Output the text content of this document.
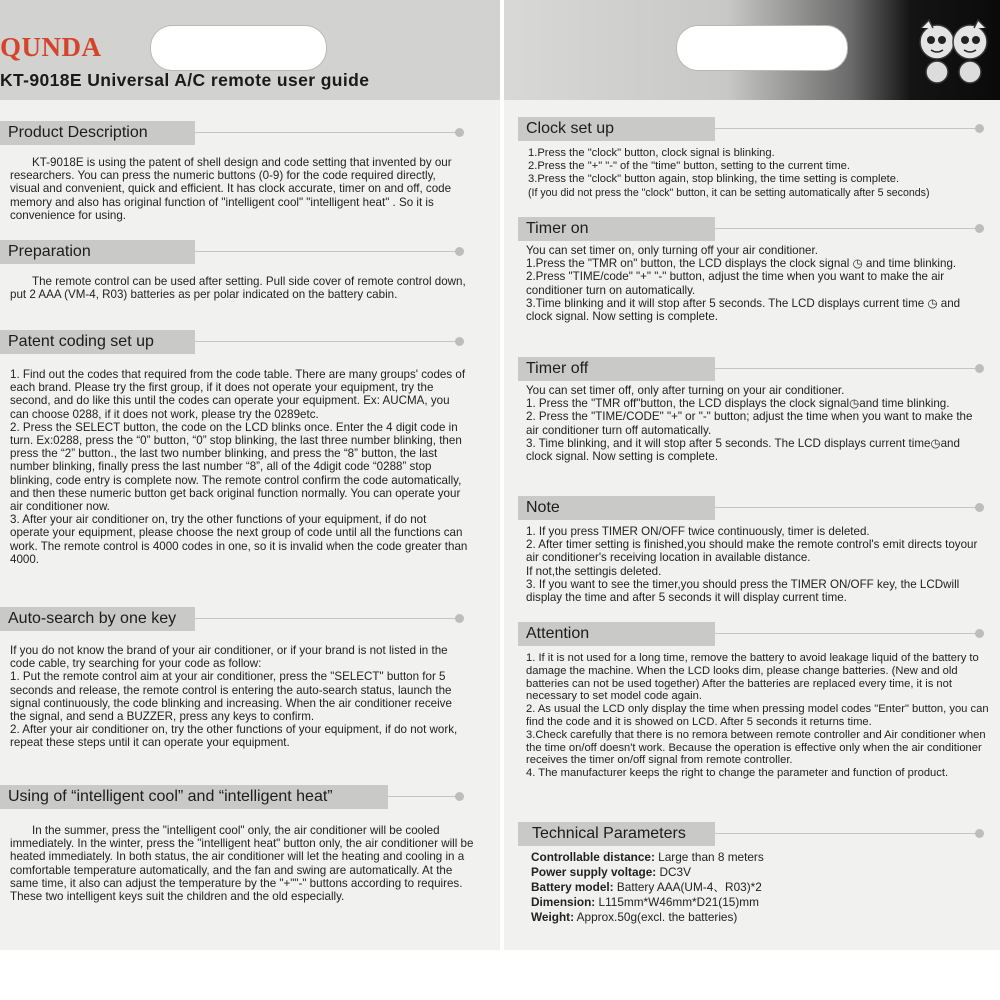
QUNDA
KT-9018E Universal A/C remote user guide
Product Description

KT-9018E is using the patent of shell design and code setting that invented by our researchers. You can press the numeric buttons (0-9) for the code required directly, visual and convenient, quick and efficient. It has clock accurate, timer on and off, code memory and also has original function of "intelligent cool" "intelligent heat" . So it is convenience for using.

Preparation

The remote control can be used after setting. Pull side cover of remote control down, put 2 AAA (VM-4, R03) batteries as per polar indicated on the battery cabin.

Patent coding set up

1. Find out the codes that required from the code table. There are many groups' codes of each brand. Please try the first group, if it does not operate your equipment, try the second, and do like this until the codes can operate your equipment. Ex: AUCMA, you can choose 0288, if it does not work, please try the 0289etc.

2. Press the SELECT button, the code on the LCD blinks once. Enter the 4 digit code in turn. Ex:0288, press the “0” button, “0” stop blinking, the last three number blinking, then press the “2” button., the last two number blinking, and press the “8” button, the last number blinking, finally press the last number “8”, all of the 4digit code “0288” stop blinking, code entry is complete now. The remote control confirm the code automatically, and then these numeric button get back original function normally. You can operate your air conditioner now.

3. After your air conditioner on, try the other functions of your equipment, if do not operate your equipment, please choose the next group of code until all the functions can work. The remote control is 4000 codes in one, so it is invalid when the code greater than 4000.

Auto-search by one key

If you do not know the brand of your air conditioner, or if your brand is not listed in the code cable, try searching for your code as follow:

1. Put the remote control aim at your air conditioner, press the "SELECT" button for 5 seconds and release, the remote control is entering the auto-search status, launch the signal continuously, the code blinking and increasing. When the air conditioner receive the signal, and send a BUZZER, press any keys to confirm.

2. After your air conditioner on, try the other functions of your equipment, if do not work, repeat these steps until it can operate your equipment.

Using of “intelligent cool” and “intelligent heat”

In the summer, press the "intelligent cool" only, the air conditioner will be cooled immediately. In the winter, press the "intelligent heat" button only, the air conditioner will be heated immediately. In both status, the air conditioner will let the heating and cooling in a comfortable temperature automatically, and the fan and swing are automatically. At the same time, it also can adjust the temperature by the "+""-" buttons according to requires. These two intelligent keys suit the children and the old especially.

Clock set up

1.Press the "clock" button, clock signal is blinking.

2.Press the "+" "-" of the "time" button, setting to the current time.

3.Press the "clock" button again, stop blinking, the time setting is complete.

(If you did not press the "clock" button, it can be setting automatically after 5 seconds)

Timer on

You can set timer on, only turning off your air conditioner.

1.Press the "TMR on" button, the LCD displays the clock signal ◷ and time blinking.

2.Press "TIME/code" "+" "-" button, adjust the time when you want to make the air conditioner turn on automatically.

3.Time blinking and it will stop after 5 seconds. The LCD displays current time ◷ and clock signal. Now setting is complete.

Timer off

You can set timer off, only after turning on your air conditioner.

1. Press the "TMR off"button, the LCD displays the clock signal◷and time blinking.

2. Press the "TIME/CODE" "+" or "-" button; adjust the time when you want to make the air conditioner turn off automatically.

3. Time blinking, and it will stop after 5 seconds. The LCD displays current time◷and clock signal. Now setting is complete.

Note

1. If you press TIMER ON/OFF twice continuously, timer is deleted.

2. After timer setting is finished,you should make the remote control's emit directs toyour air conditioner's receiving location in available distance.

If not,the settingis deleted.

3. If you want to see the timer,you should press the TIMER ON/OFF key, the LCDwill display the time and after 5 seconds it will display current time.

Attention

1. If it is not used for a long time, remove the battery to avoid leakage liquid of the battery to damage the machine. When the LCD looks dim, please change batteries. (New and old batteries can not be used together) After the batteries are replaced every time, it is not necessary to set model code again.

2. As usual the LCD only display the time when pressing model codes "Enter" button, you can find the code and it is showed on LCD. After 5 seconds it returns time.

3.Check carefully that there is no remora between remote controller and Air conditioner when the time on/off doesn't work. Because the operation is effective only when the air conditioner receives the timer on/off signal from remote controller.

4. The manufacturer keeps the right to change the parameter and function of product.

Technical Parameters

Controllable distance: Large than 8 meters

Power supply voltage: DC3V

Battery model: Battery AAA(UM-4、R03)*2

Dimension: L115mm*W46mm*D21(15)mm

Weight: Approx.50g(excl. the batteries)
